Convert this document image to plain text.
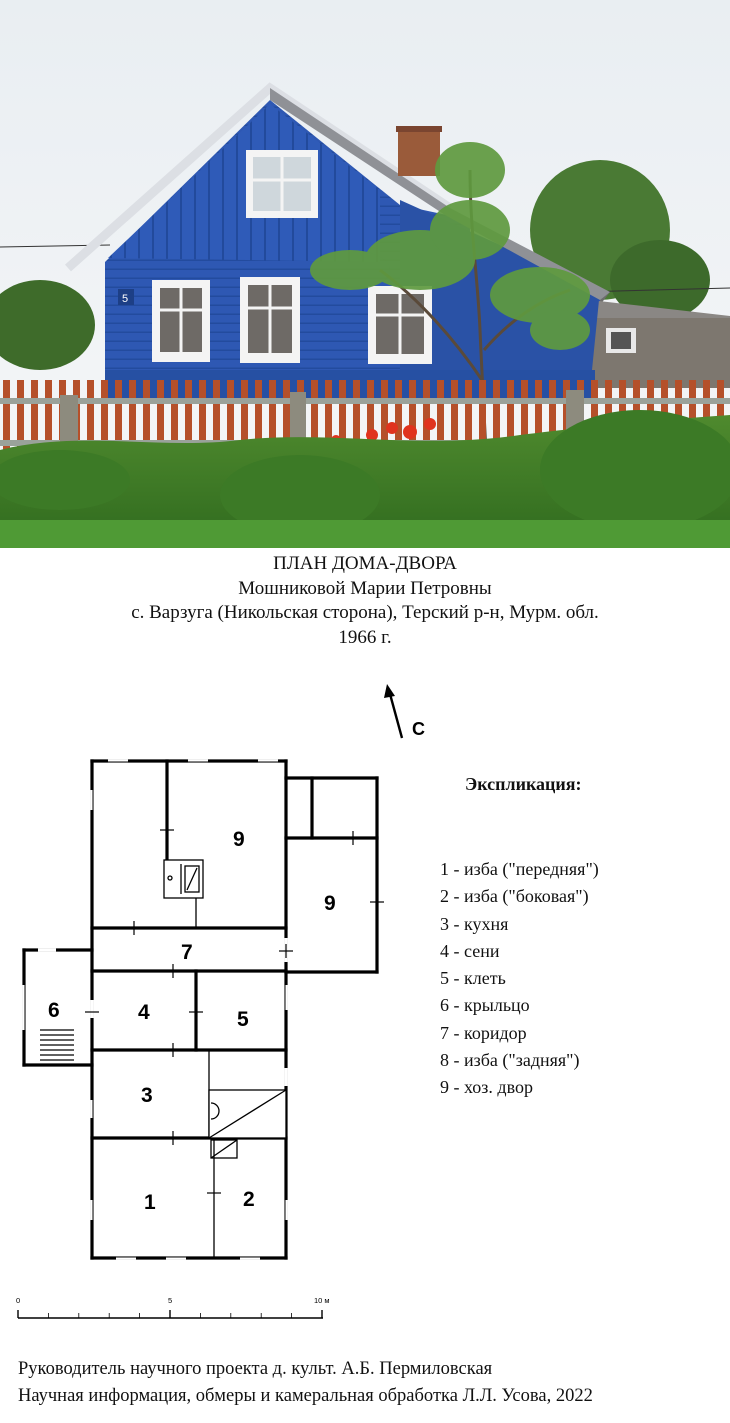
5
ПЛАН ДОМА-ДВОРА
Мошниковой Марии Петровны
с. Варзуга (Никольская сторона), Терский р-н, Мурм. обл.
1966 г.
9
9
7
4	5
6
3
1	2
С
0	5	10 м
Экспликация:
1 - изба ("передняя")
2 - изба ("боковая")
3 - кухня
4 - сени
5 - клеть
6 - крыльцо
7 - коридор
8 - изба ("задняя")
9 - хоз. двор
Руководитель научного проекта д. культ. А.Б. Пермиловская
Научная информация, обмеры и камеральная обработка Л.Л. Усова, 2022
